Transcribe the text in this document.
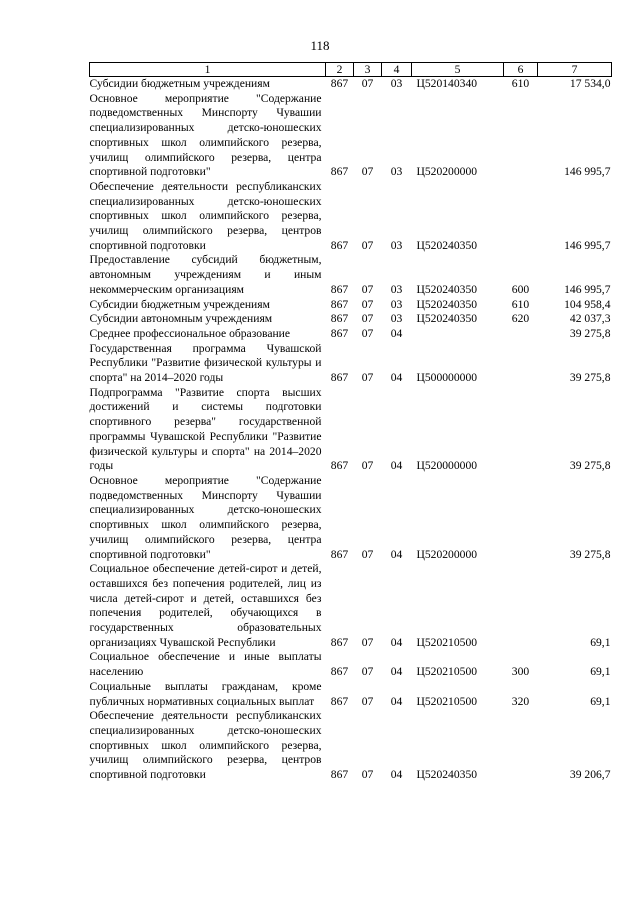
118
1	2	3	4	5	6	7
Субсидии бюджетным учреждениям	867	07	03	Ц520140340	610	17 534,0
Основное мероприятие "Содержание подведомственных Минспорту Чувашии специализированных детско-юношеских спортивных школ олимпийского резерва, училищ олимпийского резерва, центра спортивной подготовки"	867	07	03	Ц520200000		146 995,7
Обеспечение деятельности республиканских специализированных детско-юношеских спортивных школ олимпийского резерва, училищ олимпийского резерва, центров спортивной подготовки	867	07	03	Ц520240350		146 995,7
Предоставление субсидий бюджетным, автономным учреждениям и иным некоммерческим организациям	867	07	03	Ц520240350	600	146 995,7
Субсидии бюджетным учреждениям	867	07	03	Ц520240350	610	104 958,4
Субсидии автономным учреждениям	867	07	03	Ц520240350	620	42 037,3
Среднее профессиональное образование	867	07	04			39 275,8
Государственная программа Чувашской Республики "Развитие физической культуры и спорта" на 2014–2020 годы	867	07	04	Ц500000000		39 275,8
Подпрограмма "Развитие спорта высших достижений и системы подготовки спортивного резерва" государственной программы Чувашской Республики "Развитие физической культуры и спорта" на 2014–2020 годы	867	07	04	Ц520000000		39 275,8
Основное мероприятие "Содержание подведомственных Минспорту Чувашии специализированных детско-юношеских спортивных школ олимпийского резерва, училищ олимпийского резерва, центра спортивной подготовки"	867	07	04	Ц520200000		39 275,8
Социальное обеспечение детей-сирот и детей, оставшихся без попечения родителей, лиц из числа детей-сирот и детей, оставшихся без попечения родителей, обучающихся в государственных образовательных организациях Чувашской Республики	867	07	04	Ц520210500		69,1
Социальное обеспечение и иные выплаты населению	867	07	04	Ц520210500	300	69,1
Социальные выплаты гражданам, кроме публичных нормативных социальных выплат	867	07	04	Ц520210500	320	69,1
Обеспечение деятельности республиканских специализированных детско-юношеских спортивных школ олимпийского резерва, училищ олимпийского резерва, центров спортивной подготовки	867	07	04	Ц520240350		39 206,7
